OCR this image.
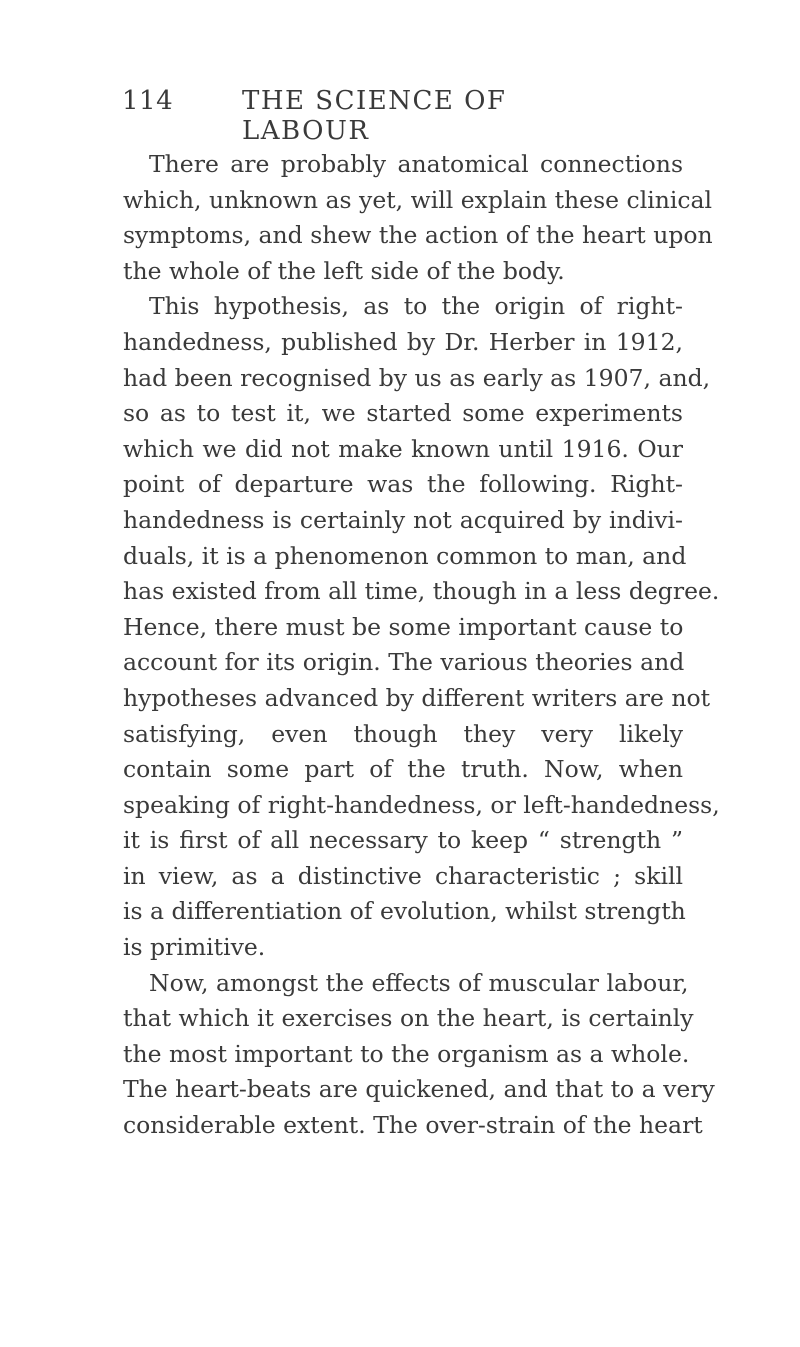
114	THE SCIENCE OF LABOUR
There are probably anatomical connections
which, unknown as yet, will explain these clinical
symptoms, and shew the action of the heart upon
the whole of the left side of the body.
This hypothesis, as to the origin of right-
handedness, published by Dr. Herber in 1912,
had been recognised by us as early as 1907, and,
so as to test it, we started some experiments
which we did not make known until 1916. Our
point of departure was the following. Right-
handedness is certainly not acquired by indivi-
duals, it is a phenomenon common to man, and
has existed from all time, though in a less degree.
Hence, there must be some important cause to
account for its origin. The various theories and
hypotheses advanced by different writers are not
satisfying, even though they very likely
contain some part of the truth. Now, when
speaking of right-handedness, or left-handedness,
it is first of all necessary to keep “ strength ”
in view, as a distinctive characteristic ; skill
is a differentiation of evolution, whilst strength
is primitive.
Now, amongst the effects of muscular labour,
that which it exercises on the heart, is certainly
the most important to the organism as a whole.
The heart-beats are quickened, and that to a very
considerable extent. The over-strain of the heart
